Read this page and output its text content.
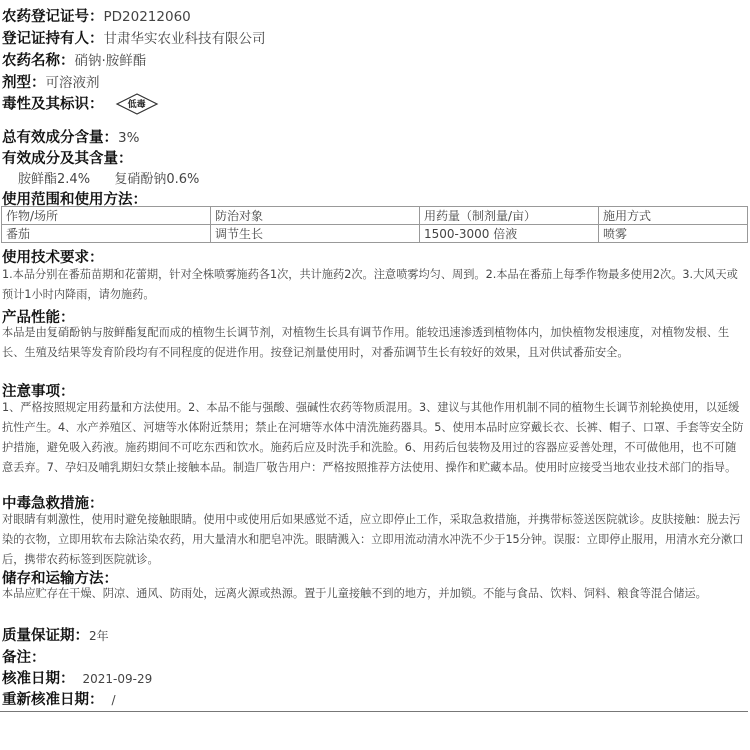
农药登记证号：PD20212060
登记证持有人：甘肃华实农业科技有限公司
农药名称：硝钠·胺鲜酯
剂型：可溶液剂
毒性及其标识：	低毒
总有效成分含量：3%
有效成分及其含量：
胺鲜酯2.4% 复硝酚钠0.6%
使用范围和使用方法：
作物/场所	防治对象	用药量（制剂量/亩）	施用方式
番茄	调节生长	1500-3000 倍液	喷雾
使用技术要求：
1.本品分别在番茄苗期和花蕾期，针对全株喷雾施药各1次，共计施药2次。注意喷雾均匀、周到。2.本品在番茄上每季作物最多使用2次。3.大风天或预计1小时内降雨，请勿施药。
产品性能：
本品是由复硝酚钠与胺鲜酯复配而成的植物生长调节剂，对植物生长具有调节作用。能较迅速渗透到植物体内，加快植物发根速度，对植物发根、生长、生殖及结果等发育阶段均有不同程度的促进作用。按登记剂量使用时，对番茄调节生长有较好的效果，且对供试番茄安全。
注意事项：
1、严格按照规定用药量和方法使用。2、本品不能与强酸、强碱性农药等物质混用。3、建议与其他作用机制不同的植物生长调节剂轮换使用，以延缓抗性产生。4、水产养殖区、河塘等水体附近禁用；禁止在河塘等水体中清洗施药器具。5、使用本品时应穿戴长衣、长裤、帽子、口罩、手套等安全防护措施，避免吸入药液。施药期间不可吃东西和饮水。施药后应及时洗手和洗脸。6、用药后包装物及用过的容器应妥善处理，不可做他用，也不可随意丢弃。7、孕妇及哺乳期妇女禁止接触本品。制造厂敬告用户：严格按照推荐方法使用、操作和贮藏本品。使用时应接受当地农业技术部门的指导。
中毒急救措施：
对眼睛有刺激性，使用时避免接触眼睛。使用中或使用后如果感觉不适，应立即停止工作，采取急救措施，并携带标签送医院就诊。皮肤接触：脱去污染的衣物，立即用软布去除沾染农药，用大量清水和肥皂冲洗。眼睛溅入：立即用流动清水冲洗不少于15分钟。误服：立即停止服用，用清水充分漱口后，携带农药标签到医院就诊。
储存和运输方法：
本品应贮存在干燥、阴凉、通风、防雨处，远离火源或热源。置于儿童接触不到的地方，并加锁。不能与食品、饮料、饲料、粮食等混合储运。
质量保证期：2年
备注：
核准日期： 2021-09-29
重新核准日期： /
